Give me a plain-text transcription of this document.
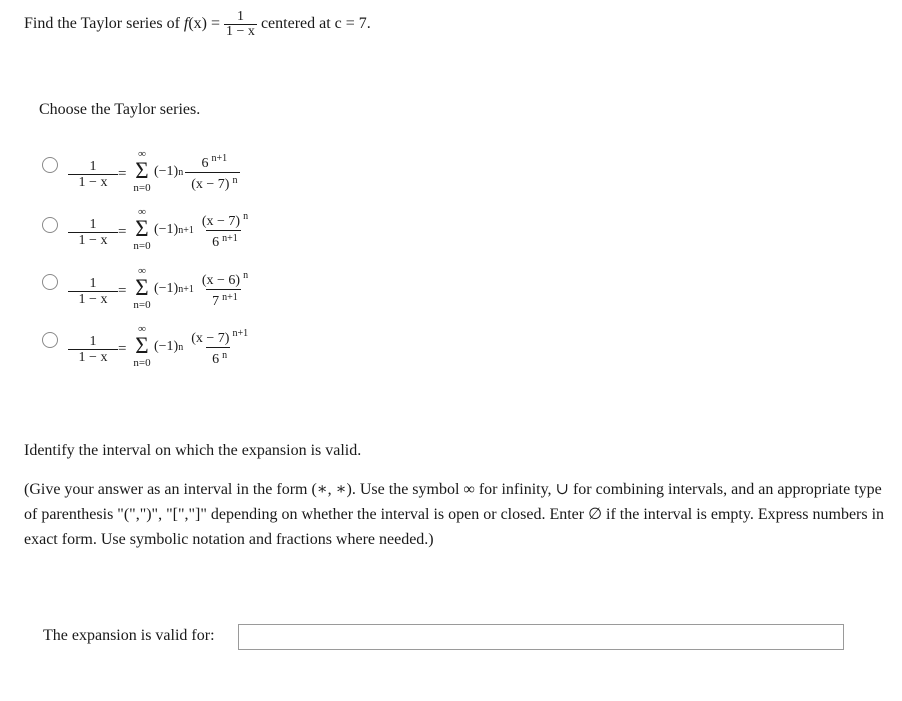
Find the Taylor series of
f (x) =
$\frac{1}{1 - x}$
centered at c = 7.
Choose the Taylor series.
1
1 − x
=
∞
Σ
n=0
(−1) n
6 $^{n+1}$
(x − 7) $^n$
1
1 − x
=
∞
Σ
n=0
(−1) n+1
(x − 7) $^n$
6 $^{n+1}$
1
1 − x
=
∞
Σ
n=0
(−1) n+1
(x − 6) $^n$
7 $^{n+1}$
1
1 − x
=
∞
Σ
n=0
(−1) n
(x − 7) $^{n+1}$
6 $^n$
Identify the interval on which the expansion is valid.
(Give your answer as an interval in the form (∗, ∗). Use the symbol ∞ for infinity, ∪ for combining intervals, and an appropriate type of parenthesis "(",")", "[","]" depending on whether the interval is open or closed. Enter ∅ if the interval is empty. Express numbers in exact form. Use symbolic notation and fractions where needed.)
The expansion is valid for:
